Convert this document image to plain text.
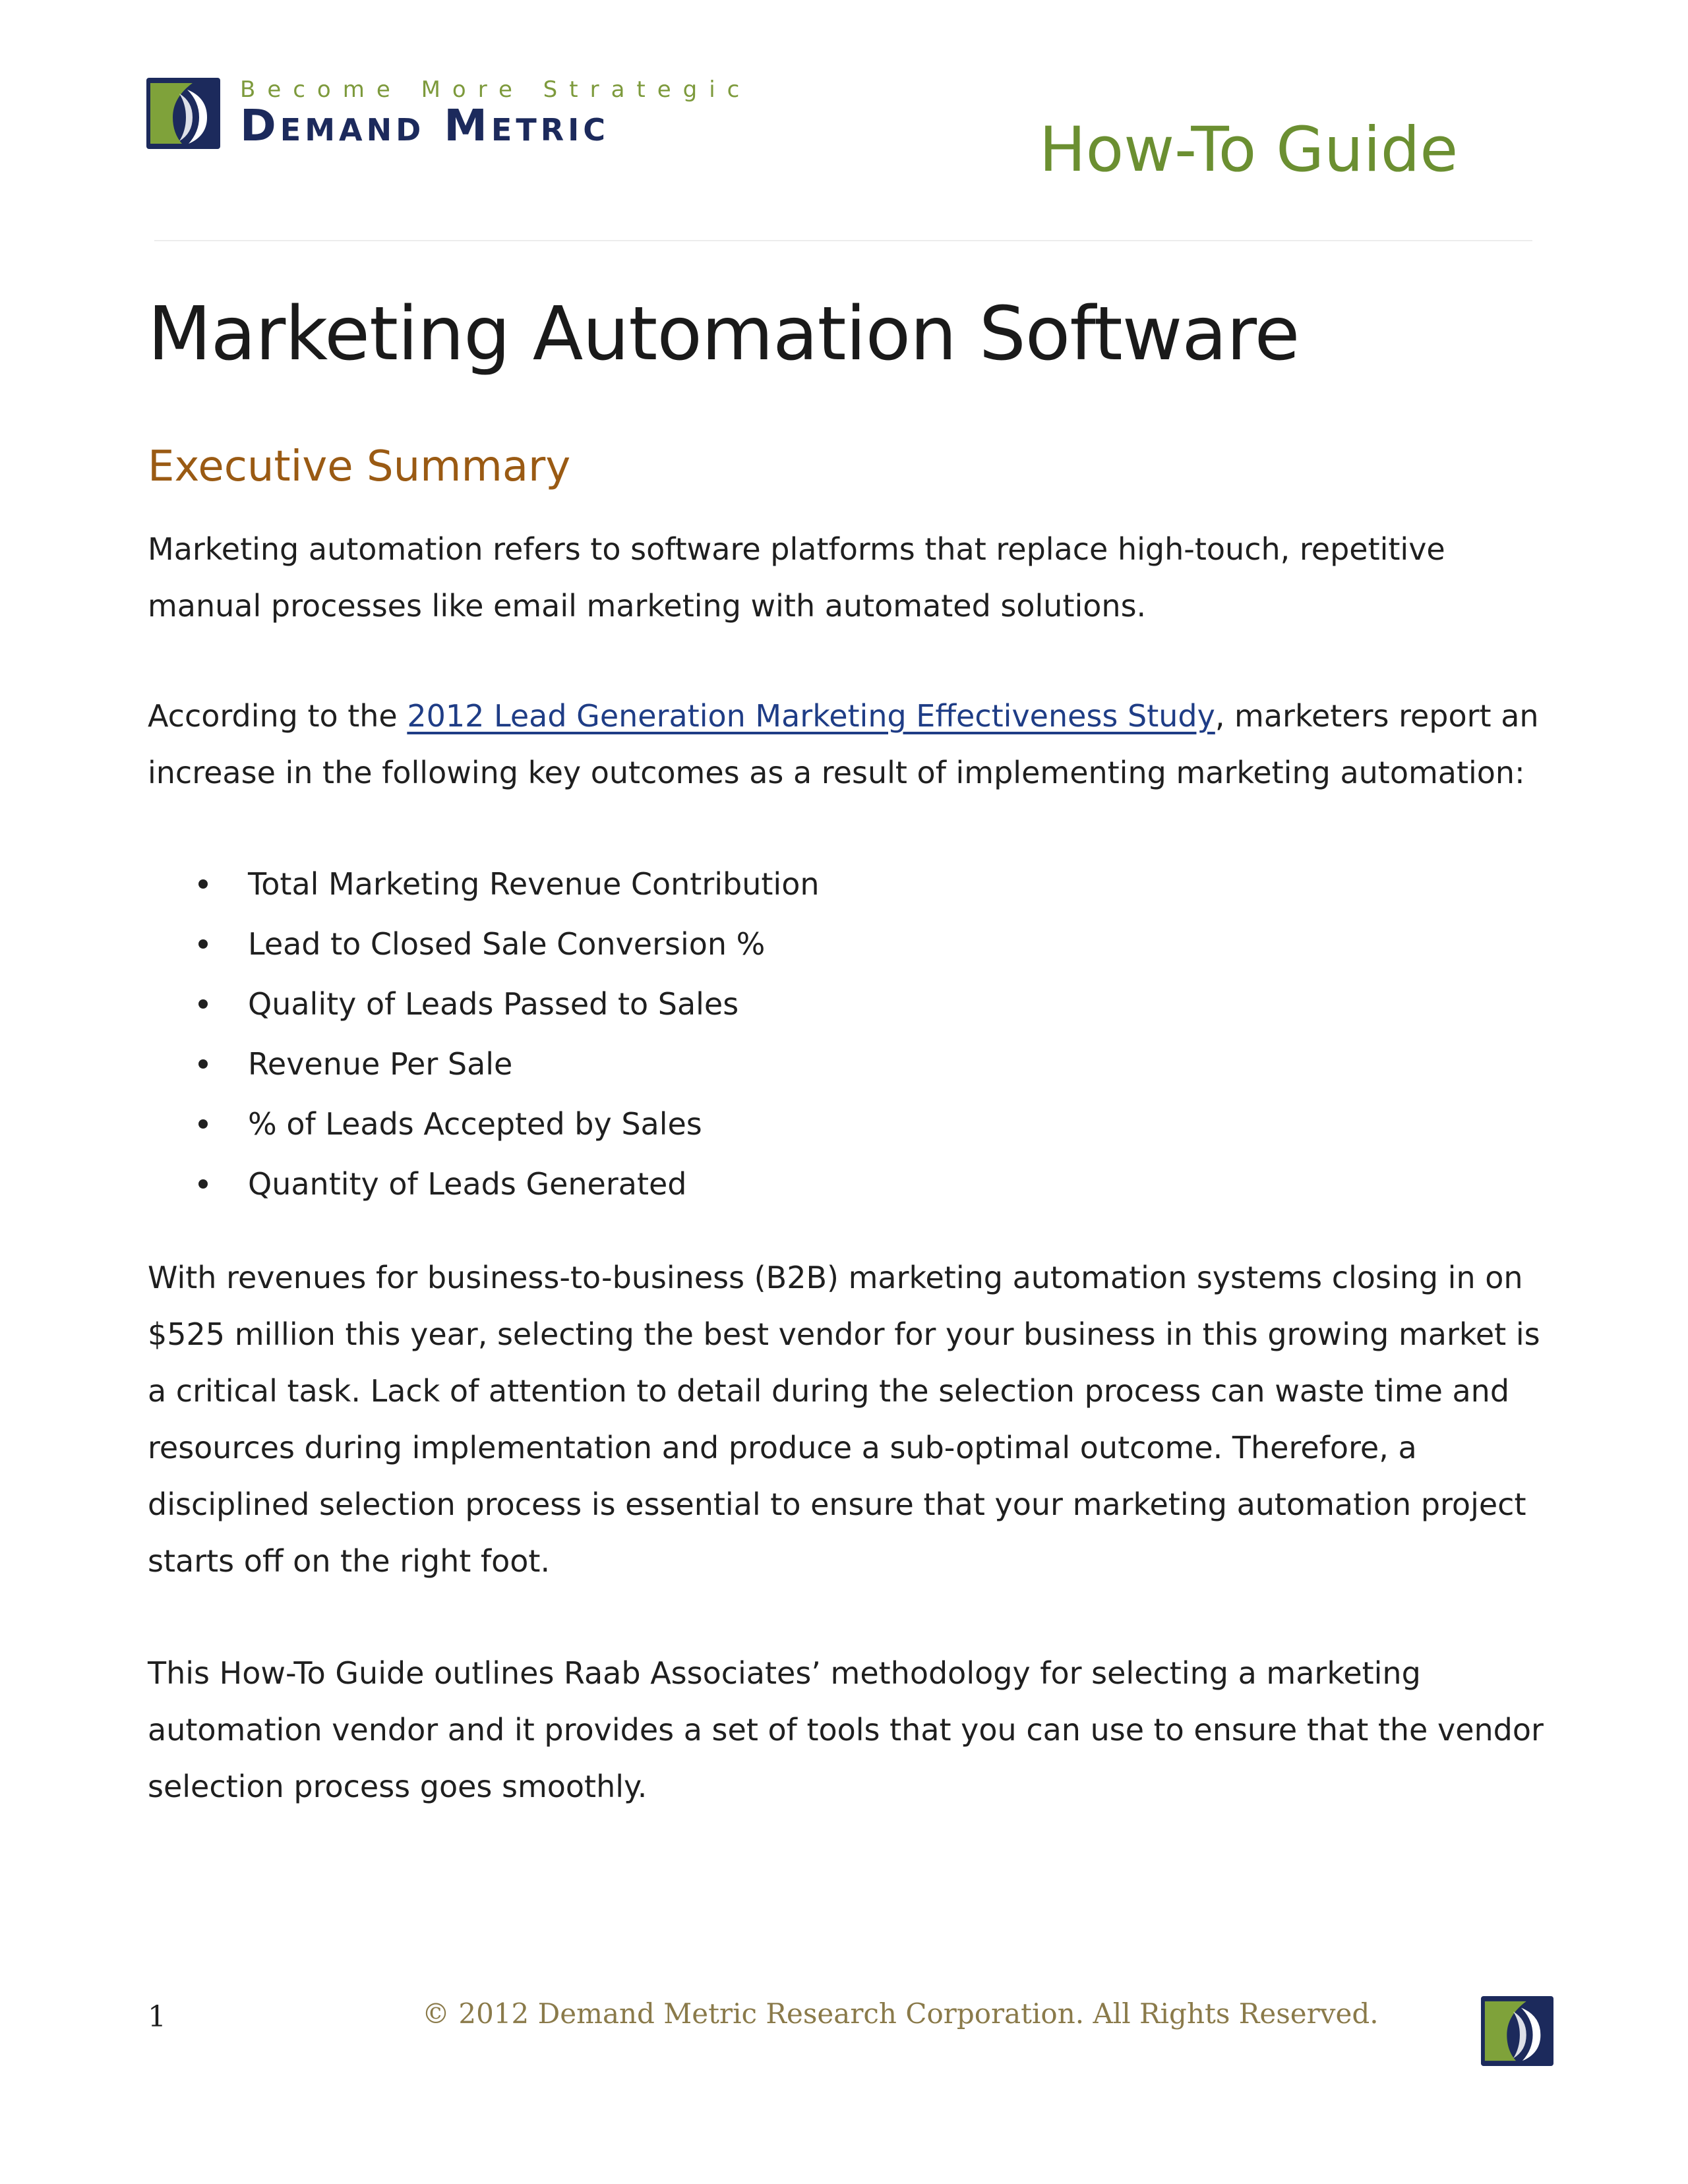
Become More Strategic
Demand Metric	How-To Guide
Marketing Automation Software
Executive Summary

Marketing automation refers to software platforms that replace high-touch, repetitive manual processes like email marketing with automated solutions.

According to the 2012 Lead Generation Marketing Effectiveness Study, marketers report an increase in the following key outcomes as a result of implementing marketing automation:

Total Marketing Revenue Contribution
Lead to Closed Sale Conversion %
Quality of Leads Passed to Sales
Revenue Per Sale
% of Leads Accepted by Sales
Quantity of Leads Generated

With revenues for business-to-business (B2B) marketing automation systems closing in on $525 million this year, selecting the best vendor for your business in this growing market is a critical task. Lack of attention to detail during the selection process can waste time and resources during implementation and produce a sub-optimal outcome. Therefore, a disciplined selection process is essential to ensure that your marketing automation project starts off on the right foot.

This How-To Guide outlines Raab Associates’ methodology for selecting a marketing automation vendor and it provides a set of tools that you can use to ensure that the vendor selection process goes smoothly.

1	© 2012 Demand Metric Research Corporation. All Rights Reserved.
